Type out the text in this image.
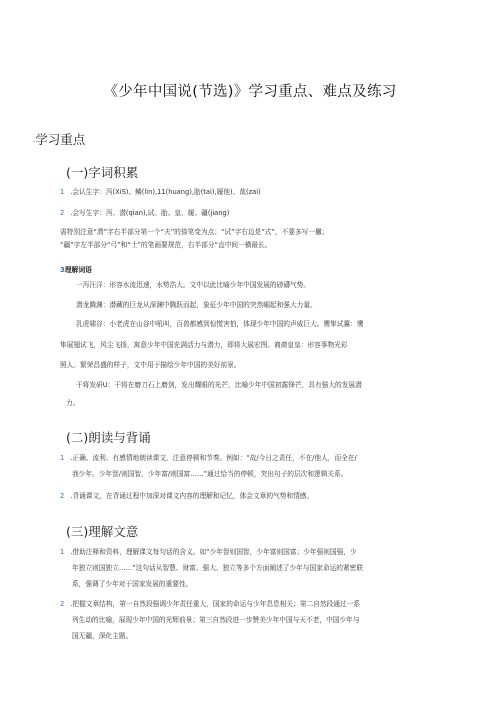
《少年中国说(节选)》学习重点、难点及练习
-学习重点
(一)字词积累
1 .会认生字：泻(XiS)、鳞(lin),11(huang),胎(tai),履他)、哉(zai)
2 .会写生字：泻、潜(qian),试、胎、皇、履、疆(jiang)
需特别注意“潜”字右半部分第一个“夫”的捺笔变为点；“试”字右边是“式”，不要多写一撇；
“疆”字左半部分“弓”和“土”的笔画要规范，右半部分“直中间一横最长。
3理解词语

一泻汪洋：形容水流迅速，水势浩大。文中以此比喻少年中国发展的磅礴气势。

潜龙腾渊：潜藏的巨龙从深渊中腾跃而起，象征少年中国的突然崛起和强大力量。

乳虎啸谷：小老虎在山谷中吼叫，百兽都感到惊慌害怕，体现少年中国的声威巨大。鹰隼试翼：鹰
隼展翅试飞，风尘飞扬，寓意少年中国充满活力与潜力，即将大展宏图。裔裔皇皇：形容事物光彩
照人、繁荣昌盛的样子，文中用于描绘少年中国的美好前景。

干将发研U：干将在磨刀石上磨剑，发出耀眼的光芒，比喻少年中国初露锋芒，具有强大的发展潜
力。

(二)朗读与背诵
1 .正确、流利、有感情地朗读课文，注意停顿和节奏。例如：“故/今日之责任，不在/他人，而全在/
我少年。少年智/则国智，少年富/则国富……”通过恰当的停顿，突出句子的层次和逻辑关系。
2 .背诵课文，在背诵过程中加深对课文内容的理解和记忆，体会文章的气势和情感。
(三)理解文意
1 .借助注释和资料，理解课文每句话的含义。如“少年智则国智，少年富则国富；少年强则国强，少
年独立则国独立……”这句话从智慧、财富、强大、独立等多个方面阐述了少年与国家命运的紧密联
系，强调了少年对于国家发展的重要性。
2 .把握文章结构，第一自然段强调少年责任重大，国家的命运与少年息息相关；第二自然段通过一系
列生动的比喻，展现少年中国的光辉前景；第三自然段进一步赞美少年中国与天不老，中国少年与
国无疆，深化主题。
